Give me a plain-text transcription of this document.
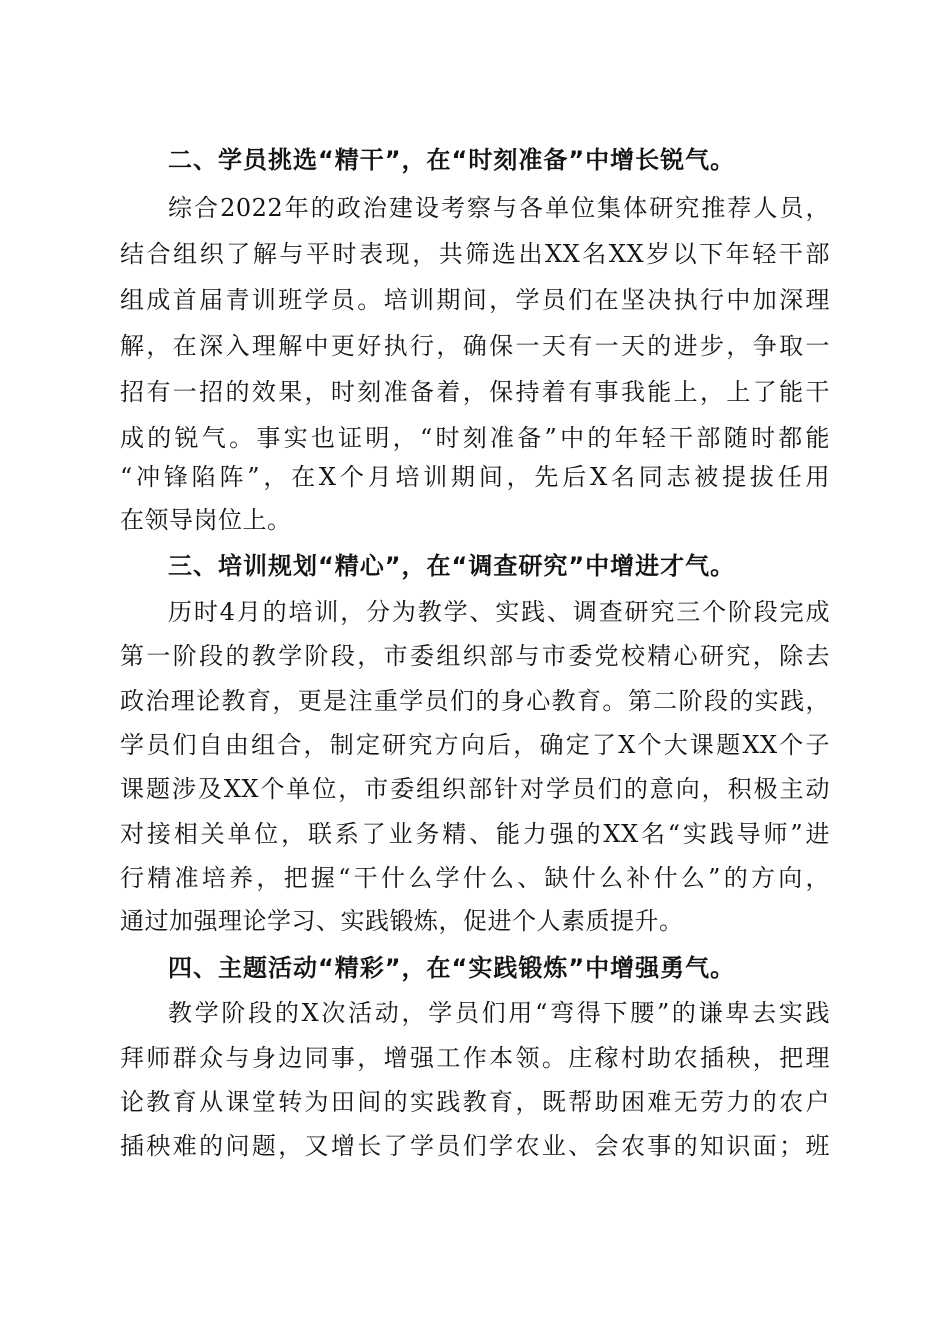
二、学员挑选“精干”，在“时刻准备”中增长锐气。
综合2022年的政治建设考察与各单位集体研究推荐人员，
结合组织了解与平时表现，共筛选出XX名XX岁以下年轻干部
组成首届青训班学员。培训期间，学员们在坚决执行中加深理
解，在深入理解中更好执行，确保一天有一天的进步，争取一
招有一招的效果，时刻准备着，保持着有事我能上，上了能干
成的锐气。事实也证明，“时刻准备”中的年轻干部随时都能
“冲锋陷阵”，在X个月培训期间，先后X名同志被提拔任用
在领导岗位上。
三、培训规划“精心”，在“调查研究”中增进才气。
历时4月的培训，分为教学、实践、调查研究三个阶段完成
第一阶段的教学阶段，市委组织部与市委党校精心研究，除去
政治理论教育，更是注重学员们的身心教育。第二阶段的实践，
学员们自由组合，制定研究方向后，确定了X个大课题XX个子
课题涉及XX个单位，市委组织部针对学员们的意向，积极主动
对接相关单位，联系了业务精、能力强的XX名“实践导师”进
行精准培养，把握“干什么学什么、缺什么补什么”的方向，
通过加强理论学习、实践锻炼，促进个人素质提升。
四、主题活动“精彩”，在“实践锻炼”中增强勇气。
教学阶段的X次活动，学员们用“弯得下腰”的谦卑去实践
拜师群众与身边同事，增强工作本领。庄稼村助农插秧，把理
论教育从课堂转为田间的实践教育，既帮助困难无劳力的农户
插秧难的问题，又增长了学员们学农业、会农事的知识面；班
